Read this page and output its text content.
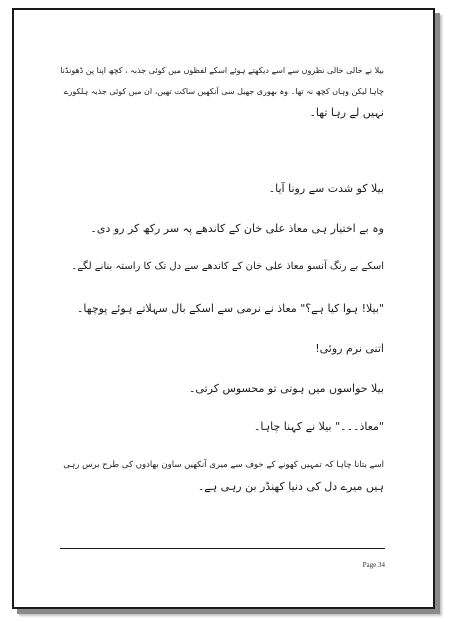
بیلا نے خالی خالی نظروں سے اسے دیکھتے ہوئے اسکے لفظوں میں کوئی جذبہ ، کچھ اپنا پن ڈھونڈنا
چاہا لیکن وہاں کچھ نہ تھا۔ وہ بھوری جھیل سی آنکھیں ساکت تھیں، ان میں کوئی جذبہ ہلکورے
نہیں لے رہا تھا۔
بیلا کو شدت سے رونا آیا۔
وہ بے اختیار ہی معاذ علی خان کے کاندھے پہ سر رکھ کر رو دی۔
اسکے بے رنگ آنسو معاذ علی خان کے کاندھے سے دل تک کا راستہ بنانے لگے۔
"بیلا! ہوا کیا ہے؟" معاذ نے نرمی سے اسکے بال سہلاتے ہوئے پوچھا۔
اتنی نرم روئی!
بیلا حواسوں میں ہوتی تو محسوس کرتی۔
"معاذ۔۔۔" بیلا نے کہنا چاہا۔
اسے بتانا چاہا کہ تمہیں کھونے کے خوف سے میری آنکھیں ساون بھادوں کی طرح برس رہی
ہیں میرے دل کی دنیا کھنڈر بن رہی ہے۔
Page 34
